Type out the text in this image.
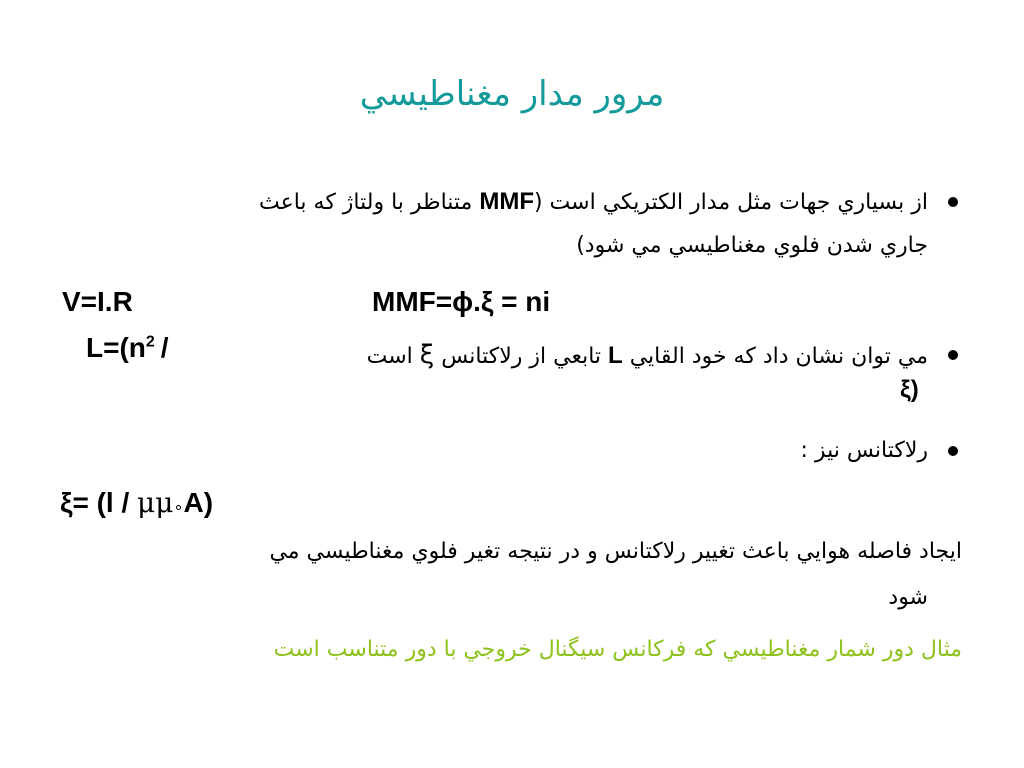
مرور مدار مغناطيسي
از بسياري جهات مثل مدار الكتريكي است (MMF متناظر با ولتاژ كه باعث
جاري شدن فلوي مغناطيسي مي شود)
V=I.R	MMF=ϕ.ξ = ni
مي توان نشان داد كه خود القايي L تابعي از رلاكتانس ξ است
$L=(n^2$ /
ξ)
رلاكتانس نيز :
ξ= (l / μμ∘A)
ايجاد فاصله هوايي باعث تغيير رلاكتانس و در نتيجه تغير فلوي مغناطيسي مي
شود
مثال دور شمار مغناطيسي كه فركانس سيگنال خروجي با دور متناسب است
